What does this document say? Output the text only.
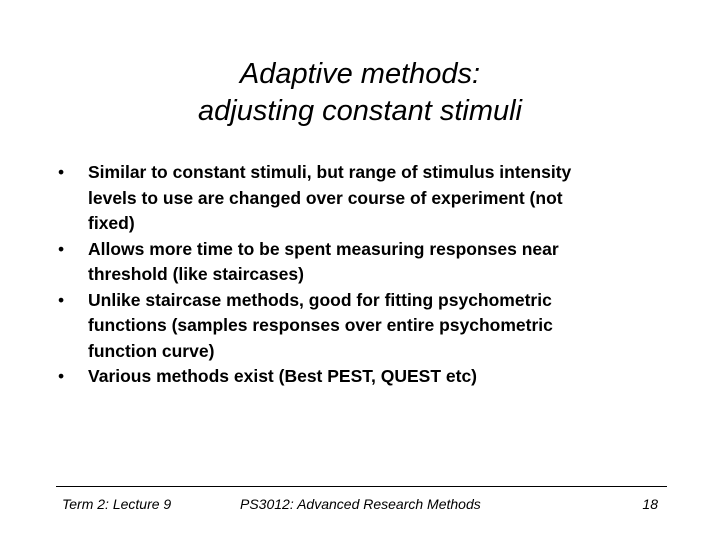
Adaptive methods:
adjusting constant stimuli
• Similar to constant stimuli, but range of stimulus intensity
levels to use are changed over course of experiment (not
fixed)
• Allows more time to be spent measuring responses near
threshold (like staircases)
• Unlike staircase methods, good for fitting psychometric
functions (samples responses over entire psychometric
function curve)
• Various methods exist (Best PEST, QUEST etc)
Term 2: Lecture 9	PS3012: Advanced Research Methods	18
